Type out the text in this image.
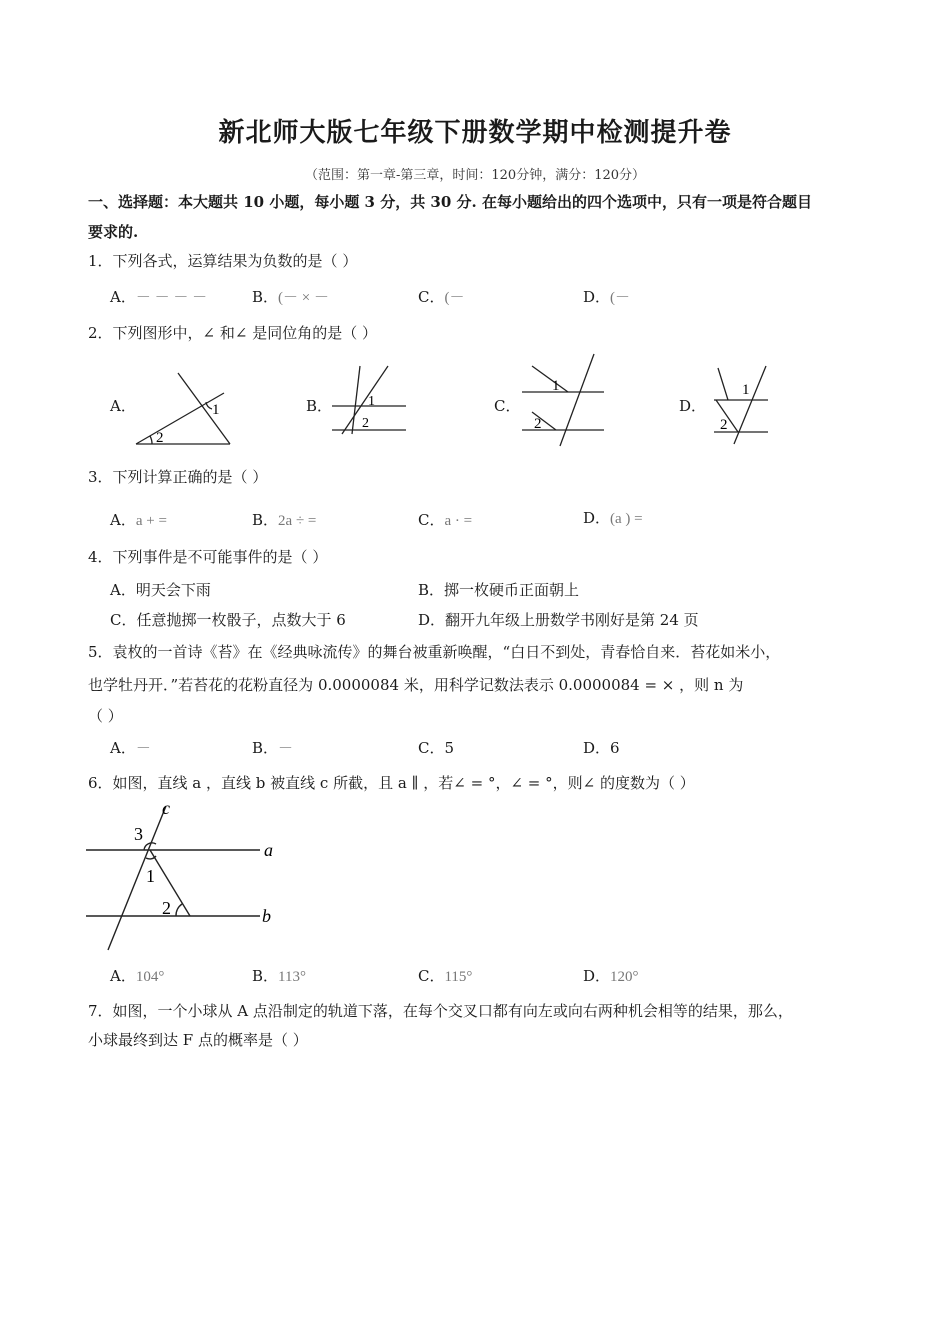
新北师大版七年级下册数学期中检测提升卷
（范围：第一章-第三章，时间：120分钟，满分：120分）
一、选择题：本大题共 10 小题，每小题 3 分，共 30 分. 在每小题给出的四个选项中，只有一项是符合题目
要求的.
1．下列各式，运算结果为负数的是（ ）
A．－ － － －	B．(－ × －	C．(－	D．(－
2．下列图形中，∠ 和∠ 是同位角的是（ ）
A．	B．	C．	D．
2
1
1
2
1
2
1
2
3．下列计算正确的是（ ）
A．a + =	B．2a ÷ =	C．a · =	D．(a ) =
4．下列事件是不可能事件的是（ ）
A．明天会下雨	B．掷一枚硬币正面朝上
C．任意抛掷一枚骰子，点数大于 6	D．翻开九年级上册数学书刚好是第 24 页
5．袁枚的一首诗《苔》在《经典咏流传》的舞台被重新唤醒，“白日不到处，青春恰自来．苔花如米小，
也学牡丹开．”若苔花的花粉直径为 0.0000084 米，用科学记数法表示 0.0000084 = × ，则 n 为
（ ）
A．－	B．－	C．5	D．6
6．如图，直线 a ，直线 b 被直线 c 所截，且 a ∥ ，若∠ = °，∠ = °，则∠ 的度数为（ ）
c
3
1
2
a
b
A．104°	B．113°	C．115°	D．120°
7．如图，一个小球从 A 点沿制定的轨道下落，在每个交叉口都有向左或向右两种机会相等的结果，那么，
小球最终到达 F 点的概率是（ ）
